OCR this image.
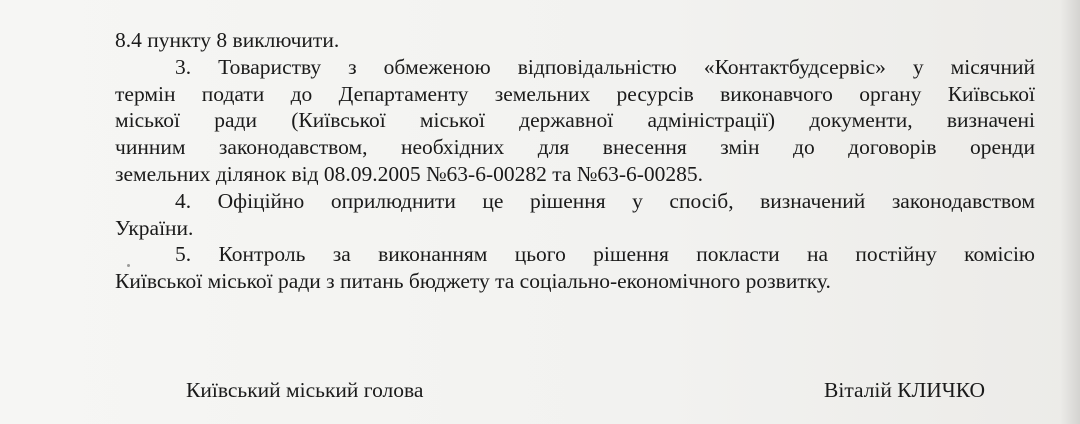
8.4 пункту 8 виключити.
3. Товариству з обмеженою відповідальністю «Контактбудсервіс» у місячний
термін подати до Департаменту земельних ресурсів виконавчого органу Київської
міської ради (Київської міської державної адміністрації) документи, визначені
чинним законодавством, необхідних для внесення змін до договорів оренди
земельних ділянок від 08.09.2005 №63-6-00282 та №63-6-00285.
4. Офіційно оприлюднити це рішення у спосіб, визначений законодавством
України.
5. Контроль за виконанням цього рішення покласти на постійну комісію
Київської міської ради з питань бюджету та соціально-економічного розвитку.
Київський міський голова	Віталій КЛИЧКО
